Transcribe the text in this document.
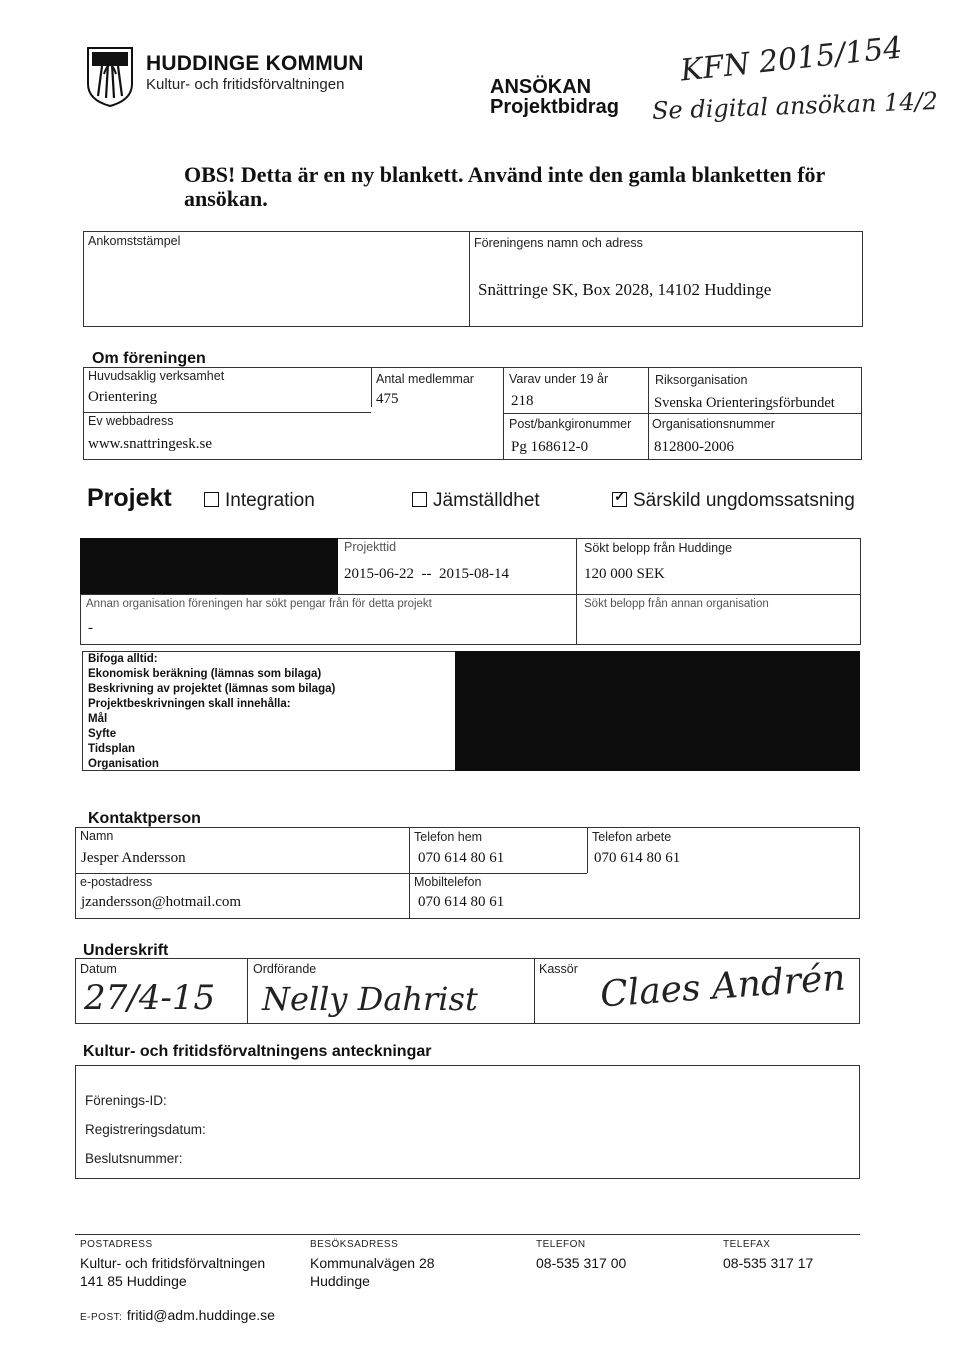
HUDDINGE KOMMUN
Kultur- och fritidsförvaltningen	ANSÖKAN
Projektbidrag
KFN 2015/154
Se digital ansökan 14/2
OBS! Detta är en ny blankett. Använd inte den gamla blanketten för
ansökan.
Ankomststämpel	Föreningens namn och adress
Snättringe SK, Box 2028, 14102 Huddinge
Om föreningen
Huvudsaklig verksamhet
Orientering
Antal medlemmar
475
Varav under 19 år
218
Riksorganisation
Svenska Orienteringsförbundet
Ev webbadress
www.snattringesk.se
Post/bankgironummer
Pg 168612-0
Organisationsnummer
812800-2006
Projekt	Integration	Jämställdhet	✓ Särskild ungdomssatsning
Projekttid
2015-06-22  --  2015-08-14
Sökt belopp från Huddinge
120 000 SEK
Annan organisation föreningen har sökt pengar från för detta projekt	Sökt belopp från annan organisation
-
Bifoga alltid:
Ekonomisk beräkning (lämnas som bilaga)
Beskrivning av projektet (lämnas som bilaga)
Projektbeskrivningen skall innehålla:
Mål
Syfte
Tidsplan
Organisation
Kontaktperson
Namn
Jesper Andersson
Telefon hem
070 614 80 61
Telefon arbete
070 614 80 61
e-postadress
jzandersson@hotmail.com
Mobiltelefon
070 614 80 61
Underskrift
Datum
27/4-15
Ordförande
Nelly Dahrist
Kassör Claes Andrén
Kultur- och fritidsförvaltningens anteckningar
Förenings-ID:
Registreringsdatum:
Beslutsnummer:
POSTADRESS
Kultur- och fritidsförvaltningen
141 85 Huddinge
BESÖKSADRESS
Kommunalvägen 28
Huddinge
TELEFON
08-535 317 00
TELEFAX
08-535 317 17
E-POST: fritid@adm.huddinge.se
